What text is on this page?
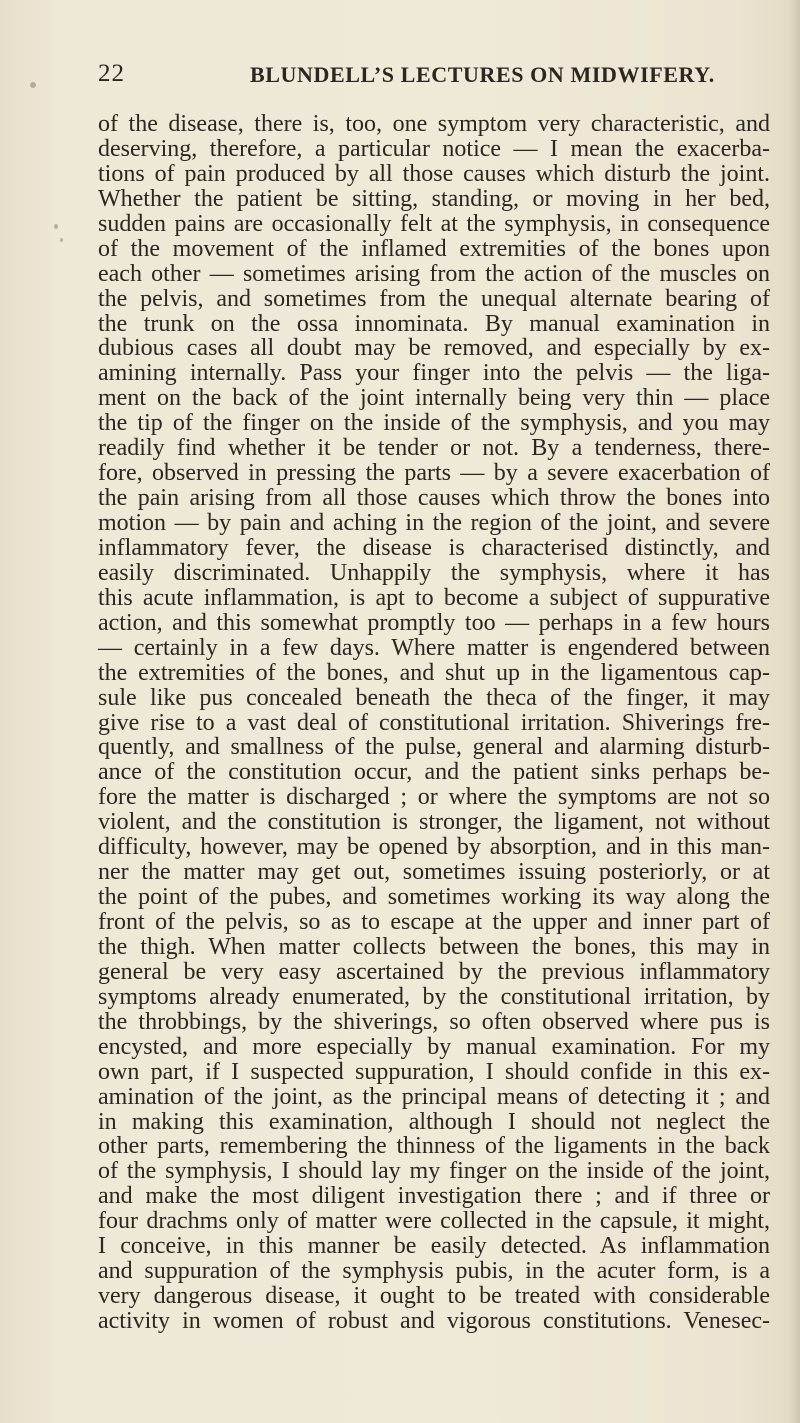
22	BLUNDELL’S LECTURES ON MIDWIFERY.
of the disease, there is, too, one symptom very characteristic, and
deserving, therefore, a particular notice — I mean the exacerba-
tions of pain produced by all those causes which disturb the joint.
Whether the patient be sitting, standing, or moving in her bed,
sudden pains are occasionally felt at the symphysis, in consequence
of the movement of the inflamed extremities of the bones upon
each other — sometimes arising from the action of the muscles on
the pelvis, and sometimes from the unequal alternate bearing of
the trunk on the ossa innominata. By manual examination in
dubious cases all doubt may be removed, and especially by ex-
amining internally. Pass your finger into the pelvis — the liga-
ment on the back of the joint internally being very thin — place
the tip of the finger on the inside of the symphysis, and you may
readily find whether it be tender or not. By a tenderness, there-
fore, observed in pressing the parts — by a severe exacerbation of
the pain arising from all those causes which throw the bones into
motion — by pain and aching in the region of the joint, and severe
inflammatory fever, the disease is characterised distinctly, and
easily discriminated. Unhappily the symphysis, where it has
this acute inflammation, is apt to become a subject of suppurative
action, and this somewhat promptly too — perhaps in a few hours
— certainly in a few days. Where matter is engendered between
the extremities of the bones, and shut up in the ligamentous cap-
sule like pus concealed beneath the theca of the finger, it may
give rise to a vast deal of constitutional irritation. Shiverings fre-
quently, and smallness of the pulse, general and alarming disturb-
ance of the constitution occur, and the patient sinks perhaps be-
fore the matter is discharged ; or where the symptoms are not so
violent, and the constitution is stronger, the ligament, not without
difficulty, however, may be opened by absorption, and in this man-
ner the matter may get out, sometimes issuing posteriorly, or at
the point of the pubes, and sometimes working its way along the
front of the pelvis, so as to escape at the upper and inner part of
the thigh. When matter collects between the bones, this may in
general be very easy ascertained by the previous inflammatory
symptoms already enumerated, by the constitutional irritation, by
the throbbings, by the shiverings, so often observed where pus is
encysted, and more especially by manual examination. For my
own part, if I suspected suppuration, I should confide in this ex-
amination of the joint, as the principal means of detecting it ; and
in making this examination, although I should not neglect the
other parts, remembering the thinness of the ligaments in the back
of the symphysis, I should lay my finger on the inside of the joint,
and make the most diligent investigation there ; and if three or
four drachms only of matter were collected in the capsule, it might,
I conceive, in this manner be easily detected. As inflammation
and suppuration of the symphysis pubis, in the acuter form, is a
very dangerous disease, it ought to be treated with considerable
activity in women of robust and vigorous constitutions. Venesec-
